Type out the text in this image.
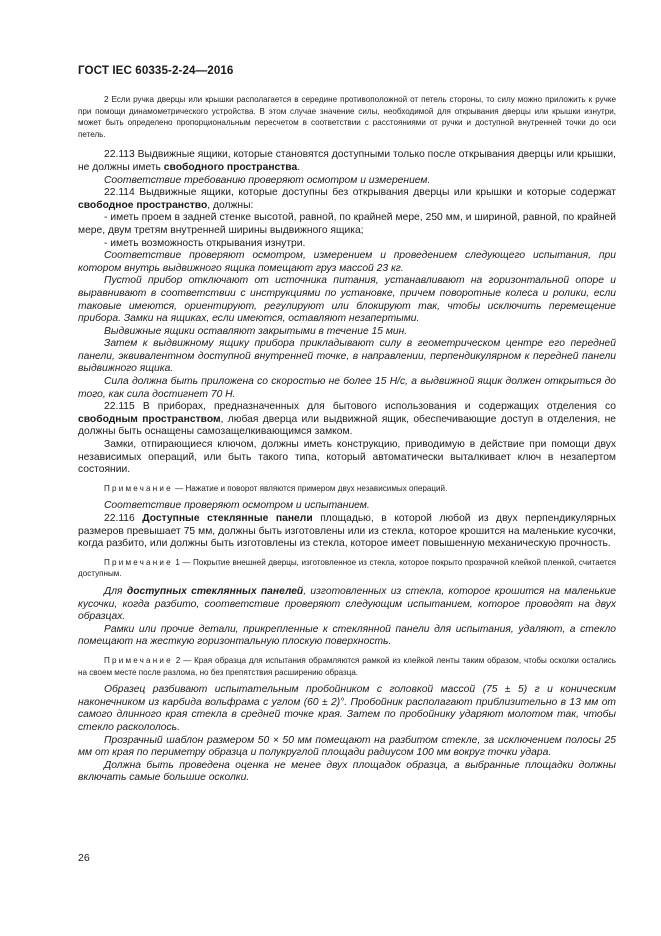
ГОСТ IEC 60335-2-24—2016

2 Если ручка дверцы или крышки располагается в середине противоположной от петель стороны, то силу можно приложить к ручке при помощи динамометрического устройства. В этом случае значение силы, необходимой для открывания дверцы или крышки изнутри, может быть определено пропорциональным пересчетом в соответствии с расстояниями от ручки и доступной внутренней точки до оси петель.

22.113 Выдвижные ящики, которые становятся доступными только после открывания дверцы или крышки, не должны иметь свободного пространства.

Соответствие требованию проверяют осмотром и измерением.

22.114 Выдвижные ящики, которые доступны без открывания дверцы или крышки и которые содержат свободное пространство, должны:

- иметь проем в задней стенке высотой, равной, по крайней мере, 250 мм, и шириной, равной, по крайней мере, двум третям внутренней ширины выдвижного ящика;

- иметь возможность открывания изнутри.

Соответствие проверяют осмотром, измерением и проведением следующего испытания, при котором внутрь выдвижного ящика помещают груз массой 23 кг.

Пустой прибор отключают от источника питания, устанавливают на горизонтальной опоре и выравнивают в соответствии с инструкциями по установке, причем поворотные колеса и ролики, если таковые имеются, ориентируют, регулируют или блокируют так, чтобы исключить перемещение прибора. Замки на ящиках, если имеются, оставляют незапертыми.

Выдвижные ящики оставляют закрытыми в течение 15 мин.

Затем к выдвижному ящику прибора прикладывают силу в геометрическом центре его передней панели, эквивалентном доступной внутренней точке, в направлении, перпендикулярном к передней панели выдвижного ящика.

Сила должна быть приложена со скоростью не более 15 Н/с, а выдвижной ящик должен открыться до того, как сила достигнет 70 Н.

22.115 В приборах, предназначенных для бытового использования и содержащих отделения со свободным пространством, любая дверца или выдвижной ящик, обеспечивающие доступ в отделения, не должны быть оснащены самозащелкивающимся замком.

Замки, отпирающиеся ключом, должны иметь конструкцию, приводимую в действие при помощи двух независимых операций, или быть такого типа, который автоматически выталкивает ключ в незапертом состоянии.

Примечание — Нажатие и поворот являются примером двух независимых операций.

Соответствие проверяют осмотром и испытанием.

22.116 Доступные стеклянные панели площадью, в которой любой из двух перпендикулярных размеров превышает 75 мм, должны быть изготовлены или из стекла, которое крошится на маленькие кусочки, когда разбито, или должны быть изготовлены из стекла, которое имеет повышенную механическую прочность.

Примечание 1 — Покрытие внешней дверцы, изготовленное из стекла, которое покрыто прозрачной клейкой пленкой, считается доступным.

Для доступных стеклянных панелей, изготовленных из стекла, которое крошится на маленькие кусочки, когда разбито, соответствие проверяют следующим испытанием, которое проводят на двух образцах.

Рамки или прочие детали, прикрепленные к стеклянной панели для испытания, удаляют, а стекло помещают на жесткую горизонтальную плоскую поверхность.

Примечание 2 — Края образца для испытания обрамляются рамкой из клейкой ленты таким образом, чтобы осколки остались на своем месте после разлома, но без препятствия расширению образца.

Образец разбивают испытательным пробойником с головкой массой (75 ± 5) г и коническим наконечником из карбида вольфрама с углом (60 ± 2)°. Пробойник располагают приблизительно в 13 мм от самого длинного края стекла в средней точке края. Затем по пробойнику ударяют молотом так, чтобы стекло раскололось.

Прозрачный шаблон размером 50 × 50 мм помещают на разбитом стекле, за исключением полосы 25 мм от края по периметру образца и полукруглой площади радиусом 100 мм вокруг точки удара.

Должна быть проведена оценка не менее двух площадок образца, а выбранные площадки должны включать самые большие осколки.

26
